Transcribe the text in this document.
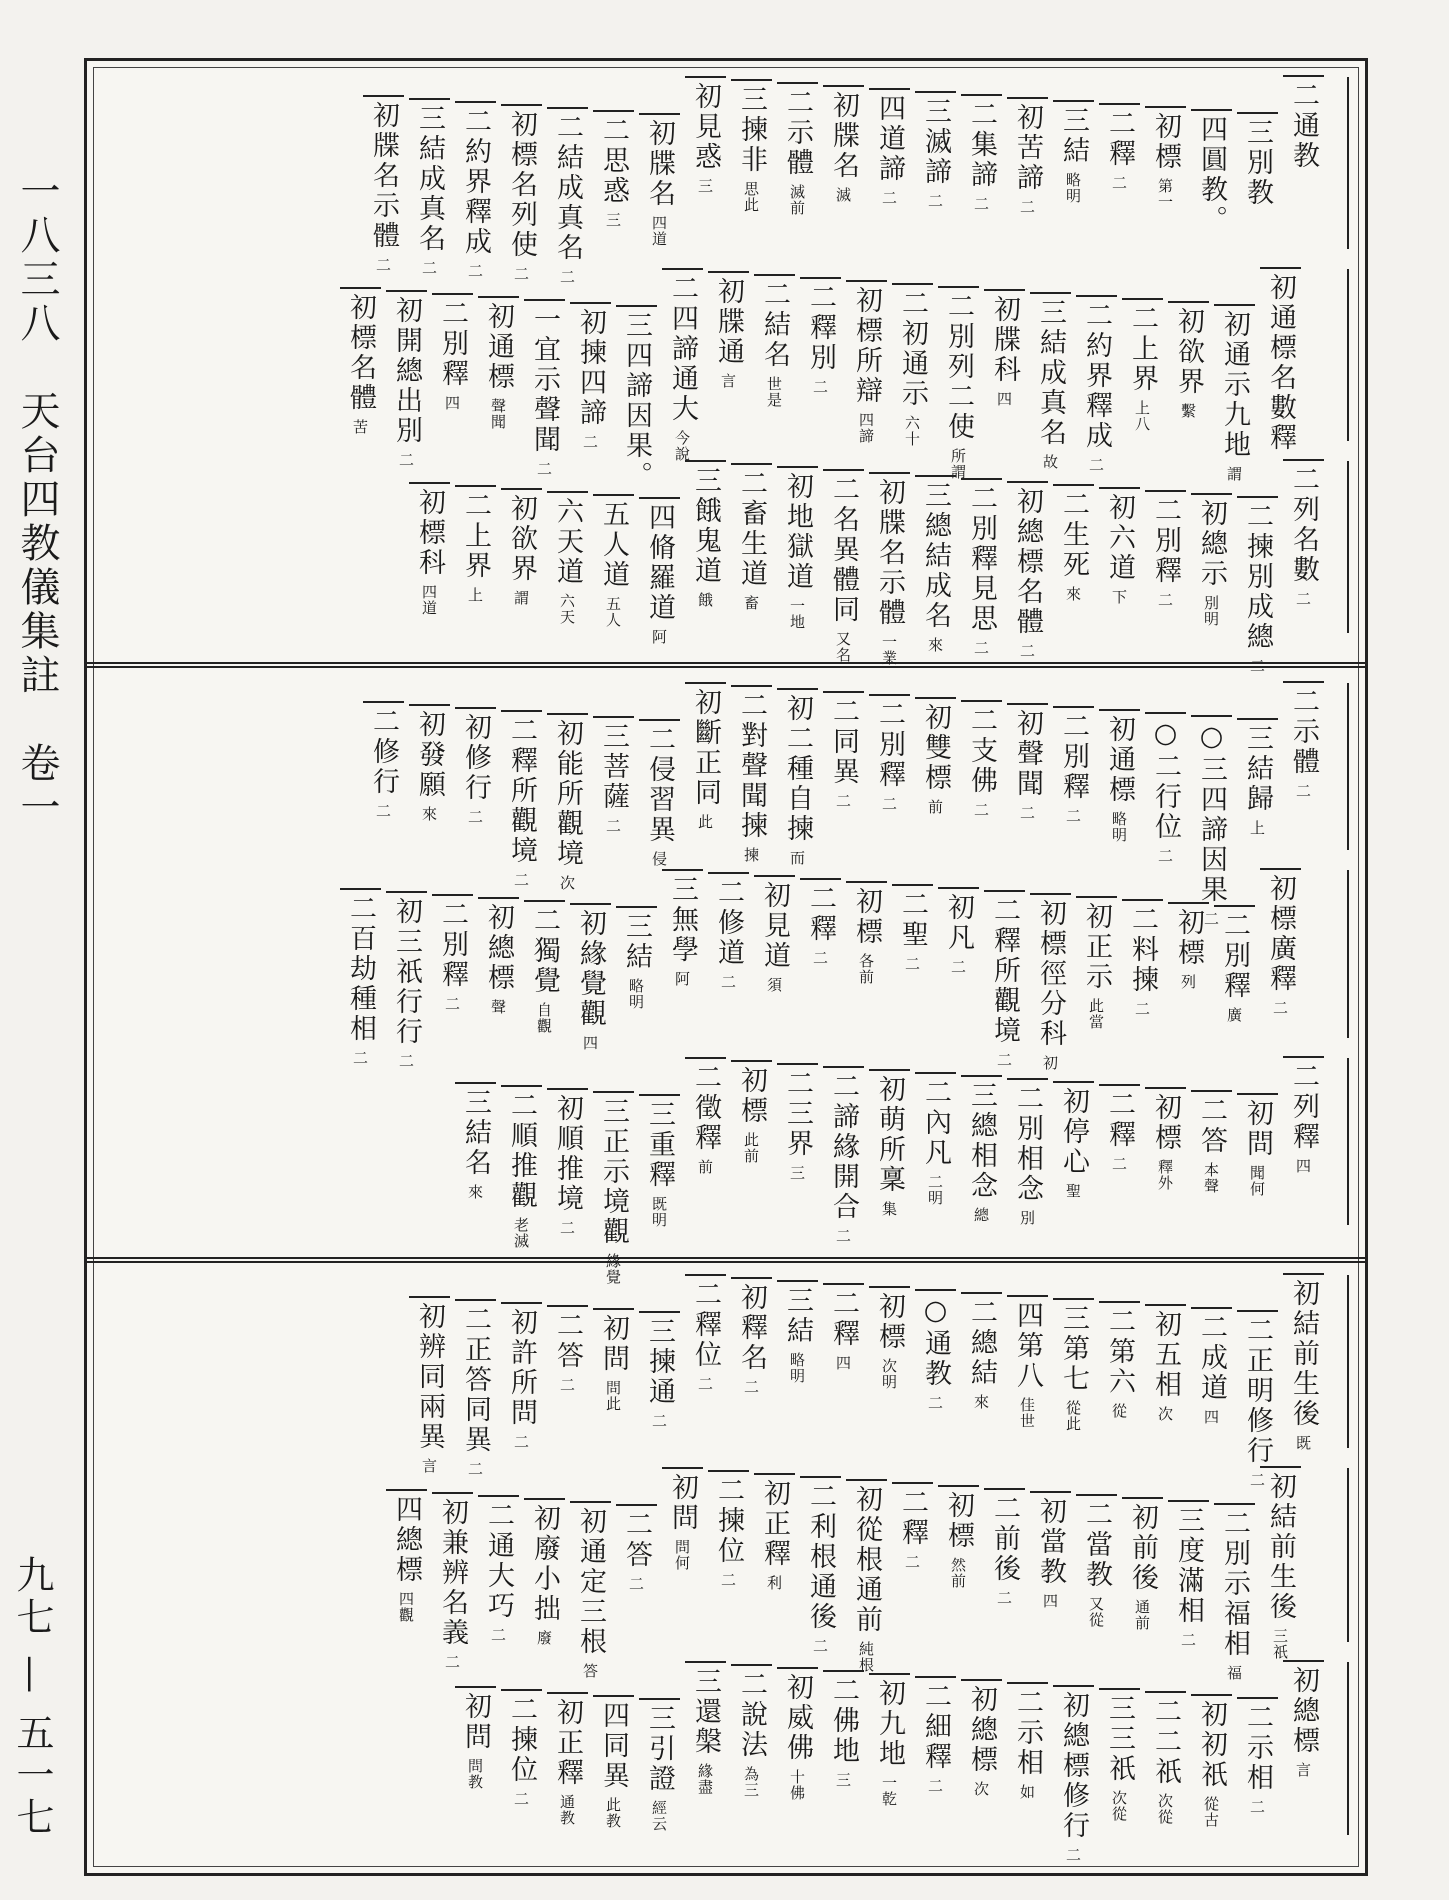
一八三八　天台四教儀集註　卷一
九七 — 五一七
二通教
三別教
四圓教。
初標第一
二釋二
三結略明
初苦諦二
二集諦二
三滅諦二
四道諦二
初牒名滅
二示體滅前
三揀非思此
初見惑三
初牒名四道
二思惑三
二結成真名二
初標名列使二
二約界釋成二
三結成真名二
初牒名示體二
初通標名數釋
初通示九地謂
初欲界繫
二上界上八
二約界釋成二
三結成真名故
初牒科四
二別列二使所謂
二初通示六十
初標所辯四諦
二釋別二
二結名世是
初牒通言
二四諦通大今說
三四諦因果。
初揀四諦二
一宜示聲聞二
初通標聲聞
二別釋四
初開總出別二
初標名體苦
二列名數二
二揀別成總二
初總示別明
二別釋二
初六道下
二生死來
初總標名體二
二別釋見思二
三總結成名來
初牒名示體一業
二名異體同又名
初地獄道一地
二畜生道畜
三餓鬼道餓
四脩羅道阿
五人道五人
六天道六天
初欲界謂
二上界上
初標科四道
二示體二
三結歸上
○三四諦因果二
○二行位二
初通標略明
二別釋二
初聲聞二
二支佛二
初雙標前
二別釋二
二同異二
初二種自揀而
二對聲聞揀揀
初斷正同此
二侵習異侵
三菩薩二
初能所觀境次
二釋所觀境二
初修行二
初發願來
二修行二
初標廣釋二
二別釋廣
初標列
二料揀二
初正示此當
初標徑分科初
二釋所觀境二
初凡二
二聖二
初標各前
二釋二
初見道須
二修道二
三無學阿
三結略明
初緣覺觀四
二獨覺自觀
初總標聲
二別釋二
初三祇行行二
二百劫種相二
二列釋四
初問聞何
二答本聲
初標釋外
二釋二
初停心聖
二別相念別
三總相念總
二內凡二明
初萌所稟集
二諦緣開合二
二三界三
初標此前
二徵釋前
三重釋既明
三正示境觀緣覺
初順推境二
二順推觀老滅
三結名來
初結前生後既
二正明修行二
二成道四
初五相次
二第六從
三第七從此
四第八佳世
二總結來
○通教二
初標次明
二釋四
三結略明
初釋名二
二釋位二
三揀通二
初問問此
二答二
初許所問二
二正答同異二
初辨同兩異言
初結前生後三祇
二別示福相福
三度滿相二
初前後通前
二當教又從
初當教四
二前後二
初標然前
二釋二
初從根通前純根
二利根通後二
初正釋利
二揀位二
初問問何
二答二
初通定三根答
初廢小拙廢
二通大巧二
初兼辨名義二
四總標四觀
初總標言
二示相二
初初祇從古
二二祇次從
三三祇次從
初總標修行二
二示相如
初總標次
二細釋二
初九地一乾
二佛地三
初威佛十佛
二說法為三
三還槃緣盡
三引證經云
四同異此教
初正釋通教
二揀位二
初問問教
